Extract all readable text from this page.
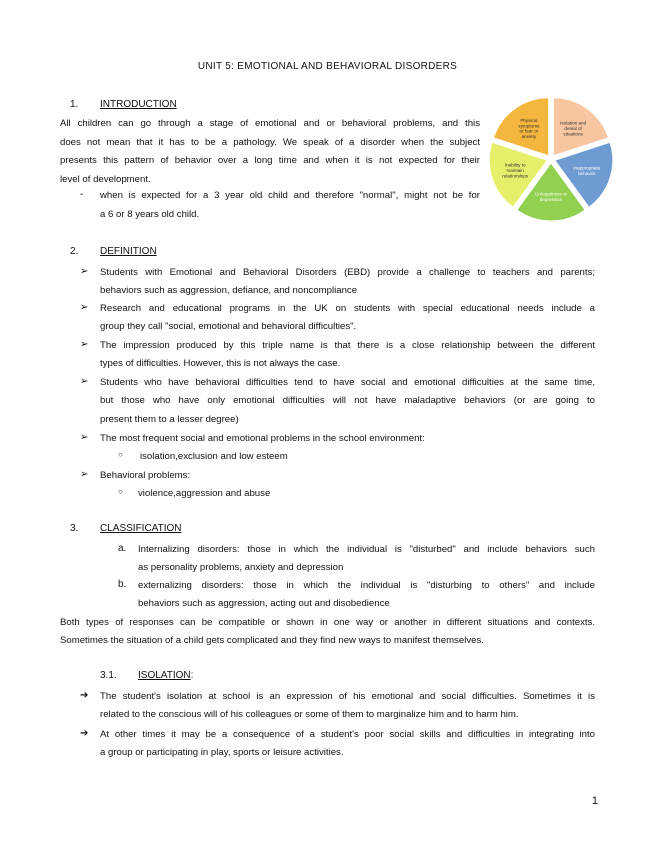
UNIT 5: EMOTIONAL AND BEHAVIORAL DISORDERS
1. INTRODUCTION

All children can go through a stage of emotional and or behavioral problems, and this

does not mean that it has to be a pathology. We speak of a disorder when the subject

presents this pattern of behavior over a long time and when it is not expected for their

level of development.

- when is expected for a 3 year old child and therefore "normal", might not be for

a 6 or 8 years old child.

Isolation and denial of situations
Inappropriate behavior
Unhappiness or depression
Inability to maintain relationships
Physical symptoms or fear or anxiety
2. DEFINITION
➢ Students with Emotional and Behavioral Disorders (EBD) provide a challenge to teachers and parents;

behaviors such as aggression, defiance, and noncompliance

➢ Research and educational programs in the UK on students with special educational needs include a

group they call "social, emotional and behavioral difficulties".

➢ The impression produced by this triple name is that there is a close relationship between the different

types of difficulties. However, this is not always the case.

➢ Students who have behavioral difficulties tend to have social and emotional difficulties at the same time,

but those who have only emotional difficulties will not have maladaptive behaviors (or are going to

present them to a lesser degree)

➢ The most frequent social and emotional problems in the school environment:

○ isolation,exclusion and low esteem

➢ Behavioral problems:

○ violence,aggression and abuse

3. CLASSIFICATION
a. Internalizing disorders: those in which the individual is "disturbed" and include behaviors such

as personality problems, anxiety and depression

b. externalizing disorders: those in which the individual is "disturbing to others" and include

behaviors such as aggression, acting out and disobedience

Both types of responses can be compatible or shown in one way or another in different situations and contexts.

Sometimes the situation of a child gets complicated and they find new ways to manifest themselves.

3.1. ISOLATION:
➔ The student's isolation at school is an expression of his emotional and social difficulties. Sometimes it is

related to the conscious will of his colleagues or some of them to marginalize him and to harm him.

➔ At other times it may be a consequence of a student's poor social skills and difficulties in integrating into

a group or participating in play, sports or leisure activities.

1
